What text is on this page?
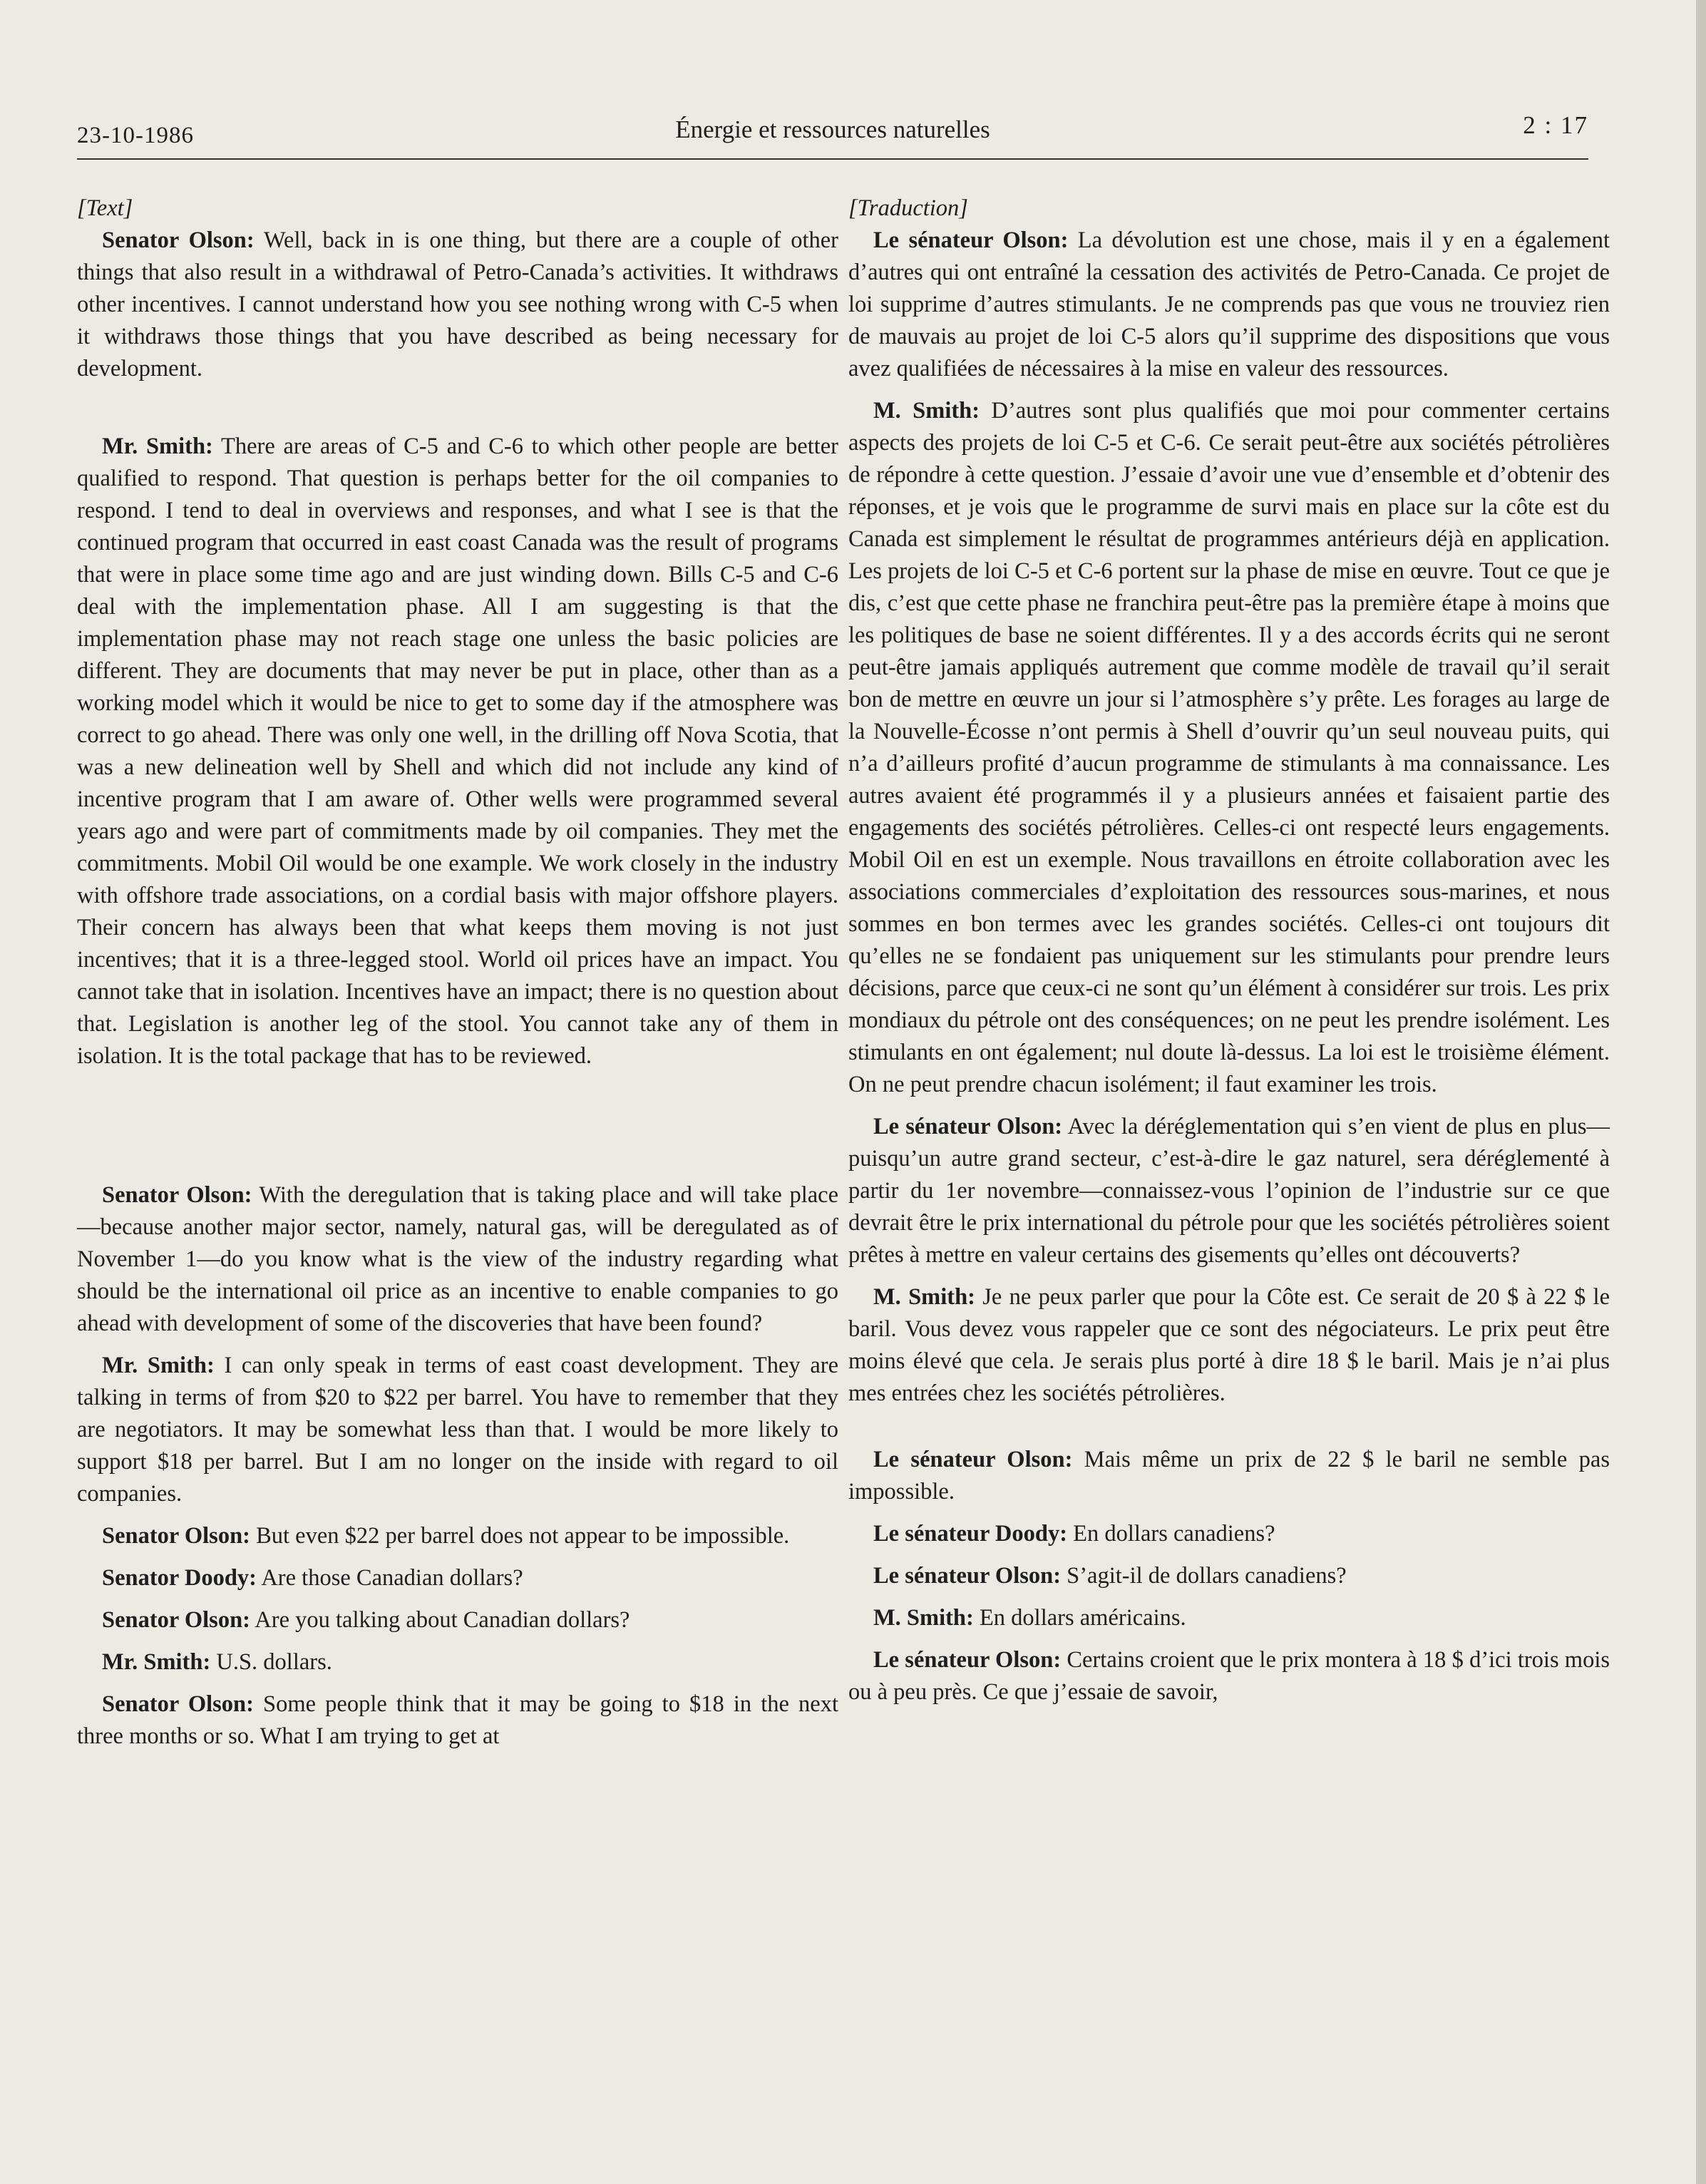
23-10-1986	Énergie et ressources naturelles	2 : 17

[Text]

Senator Olson: Well, back in is one thing, but there are a couple of other things that also result in a withdrawal of Petro-Canada’s activities. It withdraws other incentives. I cannot understand how you see nothing wrong with C-5 when it withdraws those things that you have described as being necessary for development.

Mr. Smith: There are areas of C-5 and C-6 to which other people are better qualified to respond. That question is perhaps better for the oil companies to respond. I tend to deal in overviews and responses, and what I see is that the continued program that occurred in east coast Canada was the result of programs that were in place some time ago and are just winding down. Bills C-5 and C-6 deal with the implementation phase. All I am suggesting is that the implementation phase may not reach stage one unless the basic policies are different. They are documents that may never be put in place, other than as a working model which it would be nice to get to some day if the atmosphere was correct to go ahead. There was only one well, in the drilling off Nova Scotia, that was a new delineation well by Shell and which did not include any kind of incentive program that I am aware of. Other wells were programmed several years ago and were part of commitments made by oil companies. They met the commitments. Mobil Oil would be one example. We work closely in the industry with offshore trade associations, on a cordial basis with major offshore players. Their concern has always been that what keeps them moving is not just incentives; that it is a three-legged stool. World oil prices have an impact. You cannot take that in isolation. Incentives have an impact; there is no question about that. Legislation is another leg of the stool. You cannot take any of them in isolation. It is the total package that has to be reviewed.

Senator Olson: With the deregulation that is taking place and will take place—because another major sector, namely, natural gas, will be deregulated as of November 1—do you know what is the view of the industry regarding what should be the international oil price as an incentive to enable companies to go ahead with development of some of the discoveries that have been found?

Mr. Smith: I can only speak in terms of east coast development. They are talking in terms of from $20 to $22 per barrel. You have to remember that they are negotiators. It may be somewhat less than that. I would be more likely to support $18 per barrel. But I am no longer on the inside with regard to oil companies.

Senator Olson: But even $22 per barrel does not appear to be impossible.

Senator Doody: Are those Canadian dollars?

Senator Olson: Are you talking about Canadian dollars?

Mr. Smith: U.S. dollars.

Senator Olson: Some people think that it may be going to $18 in the next three months or so. What I am trying to get at

[Traduction]

Le sénateur Olson: La dévolution est une chose, mais il y en a également d’autres qui ont entraîné la cessation des activités de Petro-Canada. Ce projet de loi supprime d’autres stimulants. Je ne comprends pas que vous ne trouviez rien de mauvais au projet de loi C-5 alors qu’il supprime des dispositions que vous avez qualifiées de nécessaires à la mise en valeur des ressources.

M. Smith: D’autres sont plus qualifiés que moi pour commenter certains aspects des projets de loi C-5 et C-6. Ce serait peut-être aux sociétés pétrolières de répondre à cette question. J’essaie d’avoir une vue d’ensemble et d’obtenir des réponses, et je vois que le programme de survi mais en place sur la côte est du Canada est simplement le résultat de programmes antérieurs déjà en application. Les projets de loi C-5 et C-6 portent sur la phase de mise en œuvre. Tout ce que je dis, c’est que cette phase ne franchira peut-être pas la première étape à moins que les politiques de base ne soient différentes. Il y a des accords écrits qui ne seront peut-être jamais appliqués autrement que comme modèle de travail qu’il serait bon de mettre en œuvre un jour si l’atmosphère s’y prête. Les forages au large de la Nouvelle-Écosse n’ont permis à Shell d’ouvrir qu’un seul nouveau puits, qui n’a d’ailleurs profité d’aucun programme de stimulants à ma connaissance. Les autres avaient été programmés il y a plusieurs années et faisaient partie des engagements des sociétés pétrolières. Celles-ci ont respecté leurs engagements. Mobil Oil en est un exemple. Nous travaillons en étroite collaboration avec les associations commerciales d’exploitation des ressources sous-marines, et nous sommes en bon termes avec les grandes sociétés. Celles-ci ont toujours dit qu’elles ne se fondaient pas uniquement sur les stimulants pour prendre leurs décisions, parce que ceux-ci ne sont qu’un élément à considérer sur trois. Les prix mondiaux du pétrole ont des conséquences; on ne peut les prendre isolément. Les stimulants en ont également; nul doute là-dessus. La loi est le troisième élément. On ne peut prendre chacun isolément; il faut examiner les trois.

Le sénateur Olson: Avec la déréglementation qui s’en vient de plus en plus—puisqu’un autre grand secteur, c’est-à-dire le gaz naturel, sera déréglementé à partir du 1er novembre—connaissez-vous l’opinion de l’industrie sur ce que devrait être le prix international du pétrole pour que les sociétés pétrolières soient prêtes à mettre en valeur certains des gisements qu’elles ont découverts?

M. Smith: Je ne peux parler que pour la Côte est. Ce serait de 20 $ à 22 $ le baril. Vous devez vous rappeler que ce sont des négociateurs. Le prix peut être moins élevé que cela. Je serais plus porté à dire 18 $ le baril. Mais je n’ai plus mes entrées chez les sociétés pétrolières.

Le sénateur Olson: Mais même un prix de 22 $ le baril ne semble pas impossible.

Le sénateur Doody: En dollars canadiens?

Le sénateur Olson: S’agit-il de dollars canadiens?

M. Smith: En dollars américains.

Le sénateur Olson: Certains croient que le prix montera à 18 $ d’ici trois mois ou à peu près. Ce que j’essaie de savoir,
